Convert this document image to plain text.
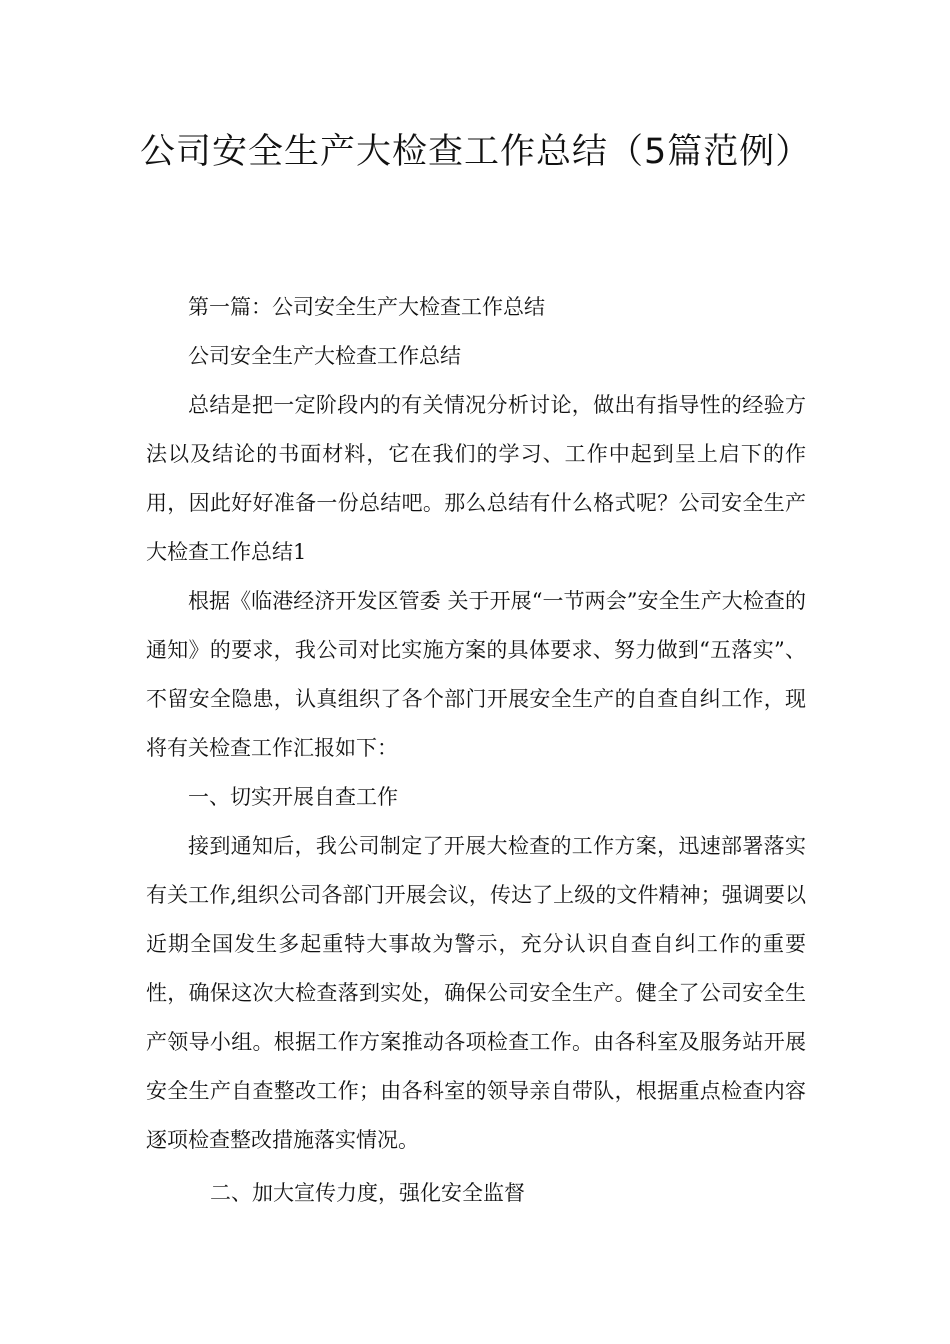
公司安全生产大检查工作总结（5篇范例）

第一篇：公司安全生产大检查工作总结

公司安全生产大检查工作总结

总结是把一定阶段内的有关情况分析讨论，做出有指导性的经验方法以及结论的书面材料，它在我们的学习、工作中起到呈上启下的作用，因此好好准备一份总结吧。那么总结有什么格式呢？公司安全生产大检查工作总结1

根据《临港经济开发区管委 关于开展“一节两会”安全生产大检查的通知》的要求，我公司对比实施方案的具体要求、努力做到“五落实”、不留安全隐患，认真组织了各个部门开展安全生产的自查自纠工作，现将有关检查工作汇报如下：

一、切实开展自查工作

接到通知后，我公司制定了开展大检查的工作方案，迅速部署落实有关工作,组织公司各部门开展会议，传达了上级的文件精神；强调要以近期全国发生多起重特大事故为警示，充分认识自查自纠工作的重要性，确保这次大检查落到实处，确保公司安全生产。健全了公司安全生产领导小组。根据工作方案推动各项检查工作。由各科室及服务站开展安全生产自查整改工作；由各科室的领导亲自带队，根据重点检查内容逐项检查整改措施落实情况。

二、加大宣传力度，强化安全监督
